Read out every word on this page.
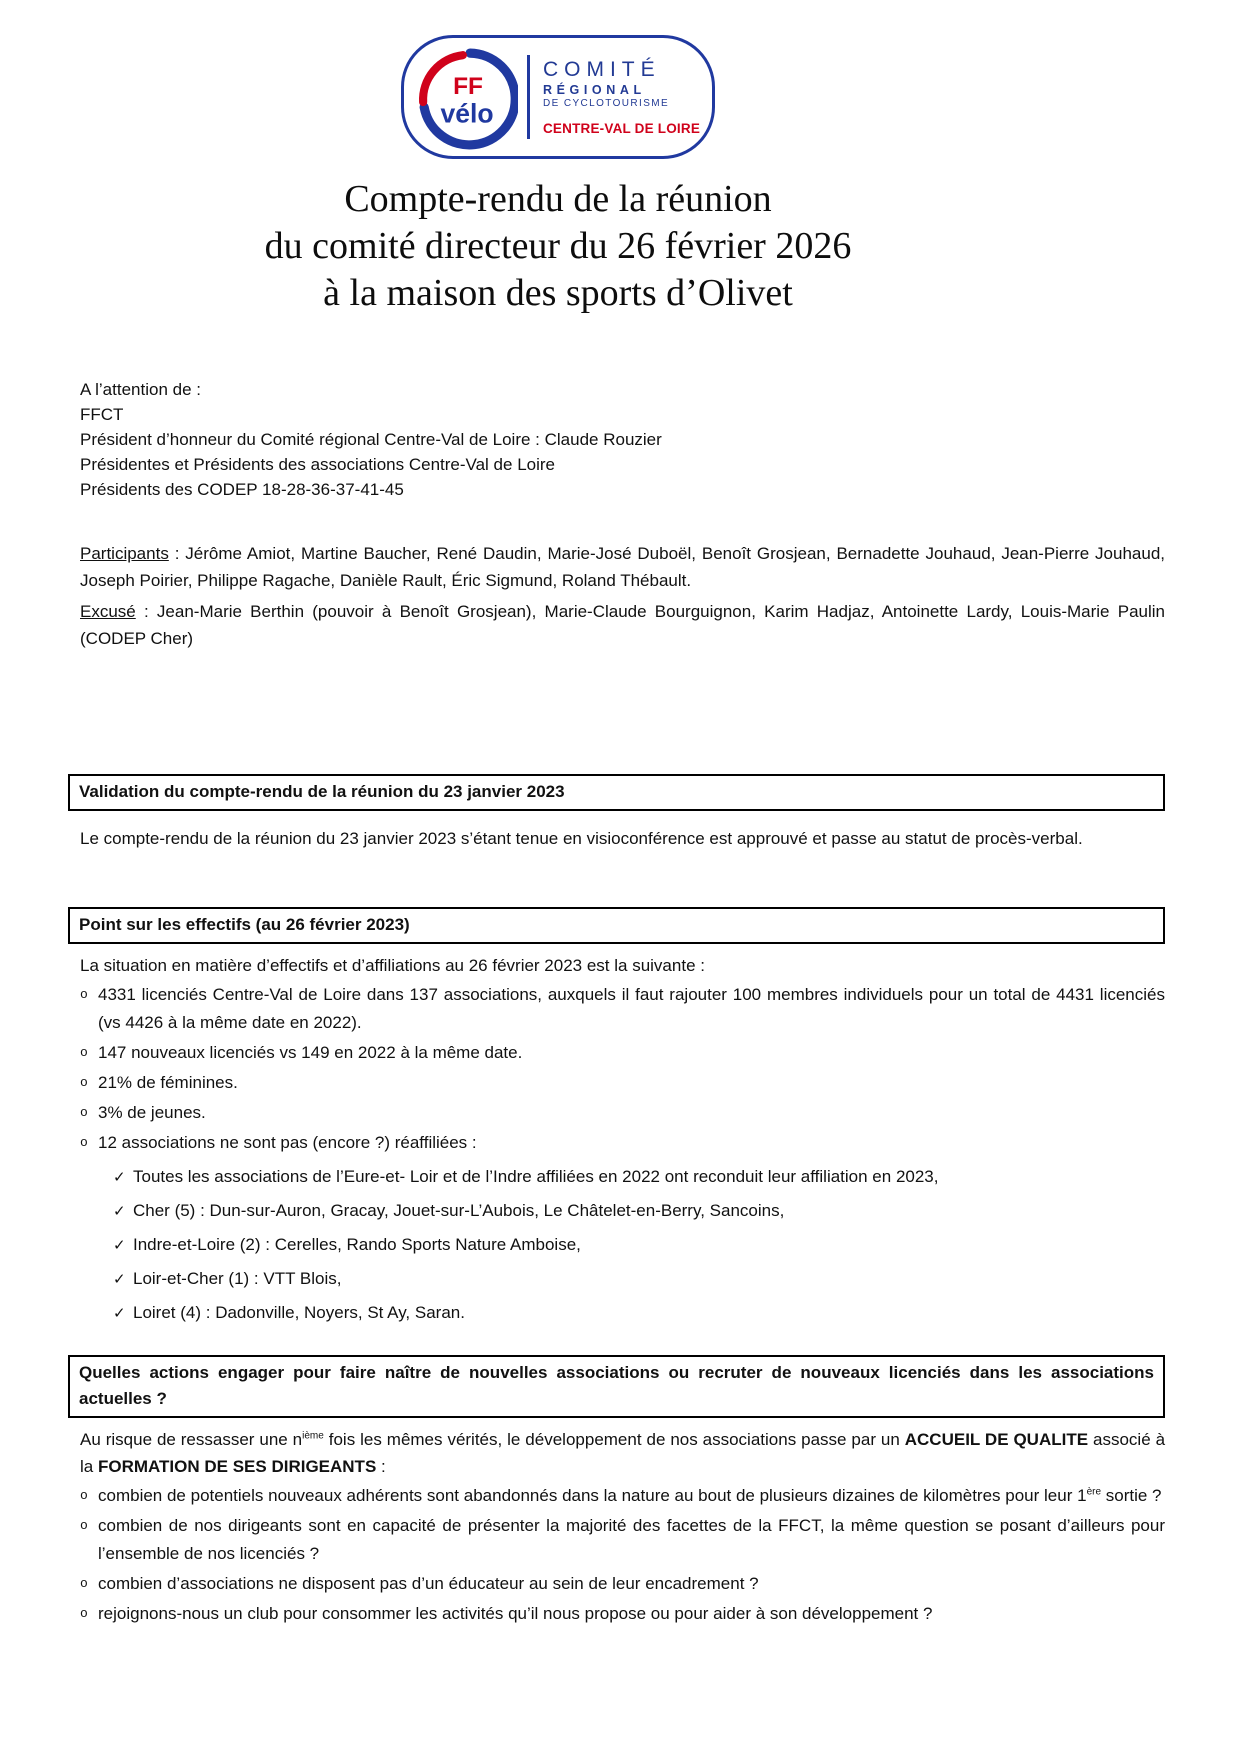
FF
vélo
COMITÉ
RÉGIONAL
DE CYCLOTOURISME
CENTRE-VAL DE LOIRE
Compte-rendu de la réunion
du comité directeur du 26 février 2026
à la maison des sports d’Olivet
A l’attention de :
FFCT
Président d’honneur du Comité régional Centre-Val de Loire : Claude Rouzier
Présidentes et Présidents des associations Centre-Val de Loire
Présidents des CODEP 18-28-36-37-41-45

Participants : Jérôme Amiot, Martine Baucher, René Daudin, Marie-José Duboël, Benoît Grosjean, Bernadette Jouhaud, Jean-Pierre Jouhaud, Joseph Poirier, Philippe Ragache, Danièle Rault, Éric Sigmund, Roland Thébault.

Excusé : Jean-Marie Berthin (pouvoir à Benoît Grosjean), Marie-Claude Bourguignon, Karim Hadjaz, Antoinette Lardy, Louis-Marie Paulin (CODEP Cher)

Validation du compte-rendu de la réunion du 23 janvier 2023

Le compte-rendu de la réunion du 23 janvier 2023 s’étant tenue en visioconférence est approuvé et passe au statut de procès-verbal.

Point sur les effectifs (au 26 février 2023)

La situation en matière d’effectifs et d’affiliations au 26 février 2023 est la suivante :

o 4331 licenciés Centre-Val de Loire dans 137 associations, auxquels il faut rajouter 100 membres individuels pour un total de 4431 licenciés (vs 4426 à la même date en 2022).
o 147 nouveaux licenciés vs 149 en 2022 à la même date.
o 21% de féminines.
o 3% de jeunes.
o 12 associations ne sont pas (encore ?) réaffiliées :
✓ Toutes les associations de l’Eure-et- Loir et de l’Indre affiliées en 2022 ont reconduit leur affiliation en 2023,
✓ Cher (5) : Dun-sur-Auron, Gracay, Jouet-sur-L’Aubois, Le Châtelet-en-Berry, Sancoins,
✓ Indre-et-Loire (2) : Cerelles, Rando Sports Nature Amboise,
✓ Loir-et-Cher (1) : VTT Blois,
✓ Loiret (4) : Dadonville, Noyers, St Ay, Saran.
Quelles actions engager pour faire naître de nouvelles associations ou recruter de nouveaux licenciés dans les associations actuelles ?

Au risque de ressasser une $n^{ième}$ fois les mêmes vérités, le développement de nos associations passe par un ACCUEIL DE QUALITE associé à la FORMATION DE SES DIRIGEANTS :

o combien de potentiels nouveaux adhérents sont abandonnés dans la nature au bout de plusieurs dizaines de kilomètres pour leur 1ère sortie ?
o combien de nos dirigeants sont en capacité de présenter la majorité des facettes de la FFCT, la même question se posant d’ailleurs pour l’ensemble de nos licenciés ?
o combien d’associations ne disposent pas d’un éducateur au sein de leur encadrement ?
o rejoignons-nous un club pour consommer les activités qu’il nous propose ou pour aider à son développement ?
